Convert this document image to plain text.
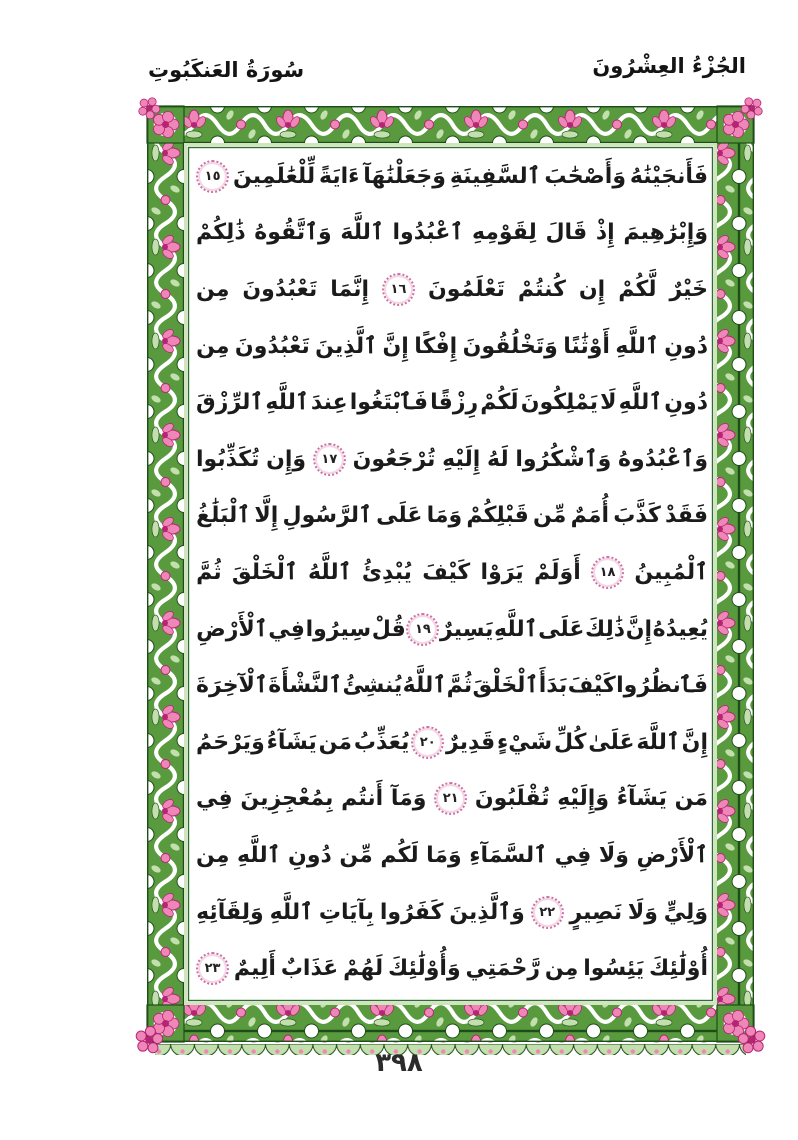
الجُزْءُ العِشْرُونَ
سُورَةُ العَنكَبُوتِ
فَأَنجَيْنَٰهُ
وَأَصْحَٰبَ
ٱلسَّفِينَةِ
وَجَعَلْنَٰهَآ
ءَايَةً
لِّلْعَٰلَمِينَ
١٥
وَإِبْرَٰهِيمَ
إِذْ
قَالَ
لِقَوْمِهِ
ٱعْبُدُوا
ٱللَّهَ
وَٱتَّقُوهُ
ذَٰلِكُمْ
خَيْرٌ
لَّكُمْ
إِن
كُنتُمْ
تَعْلَمُونَ
١٦
إِنَّمَا
تَعْبُدُونَ
مِن
دُونِ
ٱللَّهِ
أَوْثَٰنًا
وَتَخْلُقُونَ
إِفْكًا
إِنَّ
ٱلَّذِينَ
تَعْبُدُونَ
مِن
دُونِ
ٱللَّهِ
لَا
يَمْلِكُونَ
لَكُمْ
رِزْقًا
فَٱبْتَغُوا
عِندَ
ٱللَّهِ
ٱلرِّزْقَ
وَٱعْبُدُوهُ
وَٱشْكُرُوا
لَهُ
إِلَيْهِ
تُرْجَعُونَ
١٧
وَإِن
تُكَذِّبُوا
فَقَدْ
كَذَّبَ
أُمَمٌ
مِّن
قَبْلِكُمْ
وَمَا
عَلَى
ٱلرَّسُولِ
إِلَّا
ٱلْبَلَٰغُ
ٱلْمُبِينُ
١٨
أَوَلَمْ
يَرَوْا
كَيْفَ
يُبْدِئُ
ٱللَّهُ
ٱلْخَلْقَ
ثُمَّ
يُعِيدُهُ
إِنَّ
ذَٰلِكَ
عَلَى
ٱللَّهِ
يَسِيرٌ
١٩
قُلْ
سِيرُوا
فِي
ٱلْأَرْضِ
فَٱنظُرُوا
كَيْفَ
بَدَأَ
ٱلْخَلْقَ
ثُمَّ
ٱللَّهُ
يُنشِئُ
ٱلنَّشْأَةَ
ٱلْآخِرَةَ
إِنَّ
ٱللَّهَ
عَلَىٰ
كُلِّ
شَيْءٍ
قَدِيرٌ
٢٠
يُعَذِّبُ
مَن
يَشَآءُ
وَيَرْحَمُ
مَن
يَشَآءُ
وَإِلَيْهِ
تُقْلَبُونَ
٢١
وَمَآ
أَنتُم
بِمُعْجِزِينَ
فِي
ٱلْأَرْضِ
وَلَا
فِي
ٱلسَّمَآءِ
وَمَا
لَكُم
مِّن
دُونِ
ٱللَّهِ
مِن
وَلِيٍّ
وَلَا
نَصِيرٍ
٢٢
وَٱلَّذِينَ
كَفَرُوا
بِآيَاتِ
ٱللَّهِ
وَلِقَآئِهِ
أُوْلَٰئِكَ
يَئِسُوا
مِن
رَّحْمَتِي
وَأُوْلَٰئِكَ
لَهُمْ
عَذَابٌ
أَلِيمٌ
٢٣
٣٩٨
